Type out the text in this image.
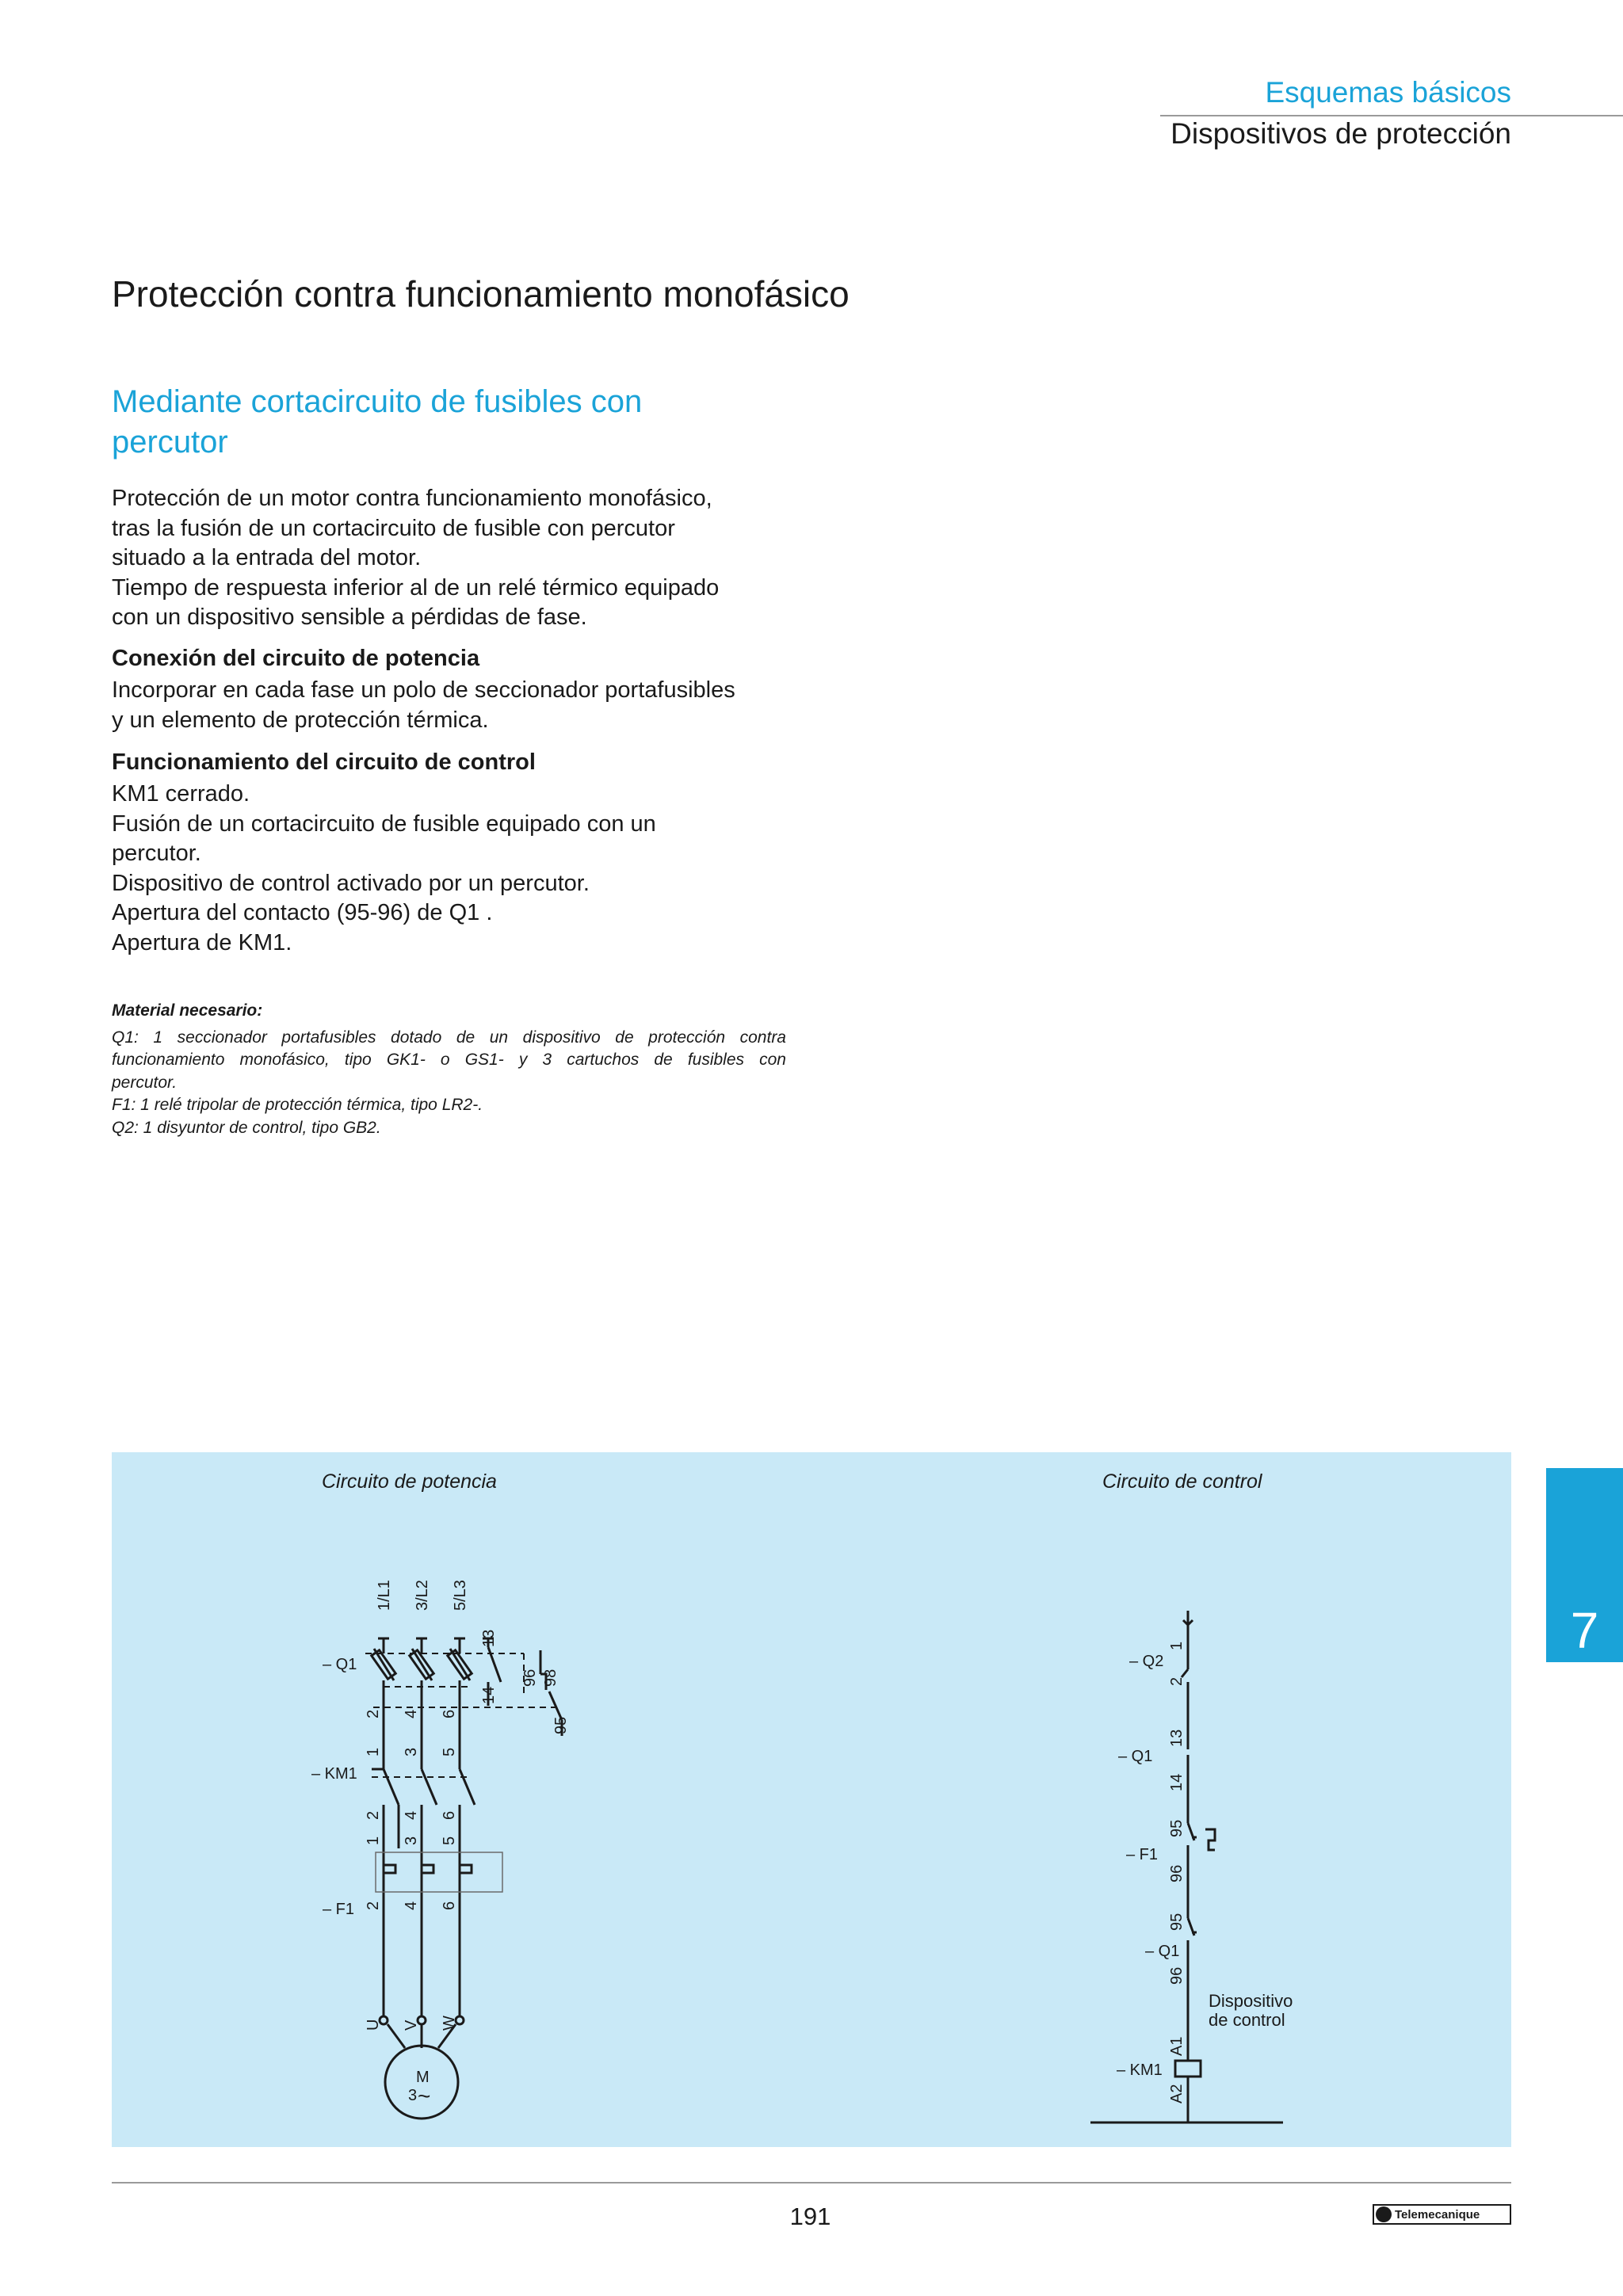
Esquemas básicos
Dispositivos de protección
Protección contra funcionamiento monofásico
Mediante cortacircuito de fusibles con
percutor
Protección de un motor contra funcionamiento monofásico,
tras la fusión de un cortacircuito de fusible con percutor
situado a la entrada del motor.
Tiempo de respuesta inferior al de un relé térmico equipado
con un dispositivo sensible a pérdidas de fase.
Conexión del circuito de potencia
Incorporar en cada fase un polo de seccionador portafusibles
y un elemento de protección térmica.
Funcionamiento del circuito de control
KM1 cerrado.
Fusión de un cortacircuito de fusible equipado con un
percutor.
Dispositivo de control activado por un percutor.
Apertura del contacto (95-96) de Q1 .
Apertura de KM1.
Material necesario:
Q1: 1 seccionador portafusibles dotado de un dispositivo de protección contra
funcionamiento monofásico, tipo GK1- o GS1- y 3 cartuchos de fusibles con
percutor.
F1: 1 relé tripolar de protección térmica, tipo LR2-.
Q2: 1 disyuntor de control, tipo GB2.
Circuito de potencia	Circuito de control
1/L1 3/L2 5/L3
13
14
96 98
95
– Q1
– KM1
– F1
2 4 6
1 3 5
2 4 6
1 3 5
2 4 6
U V W
M
3 ~
– Q2
1
2
– Q1
13
14
– F1
95
96
– Q1
95
96
Dispositivo
de control
– KM1
A1
A2
7
191	Telemecanique
